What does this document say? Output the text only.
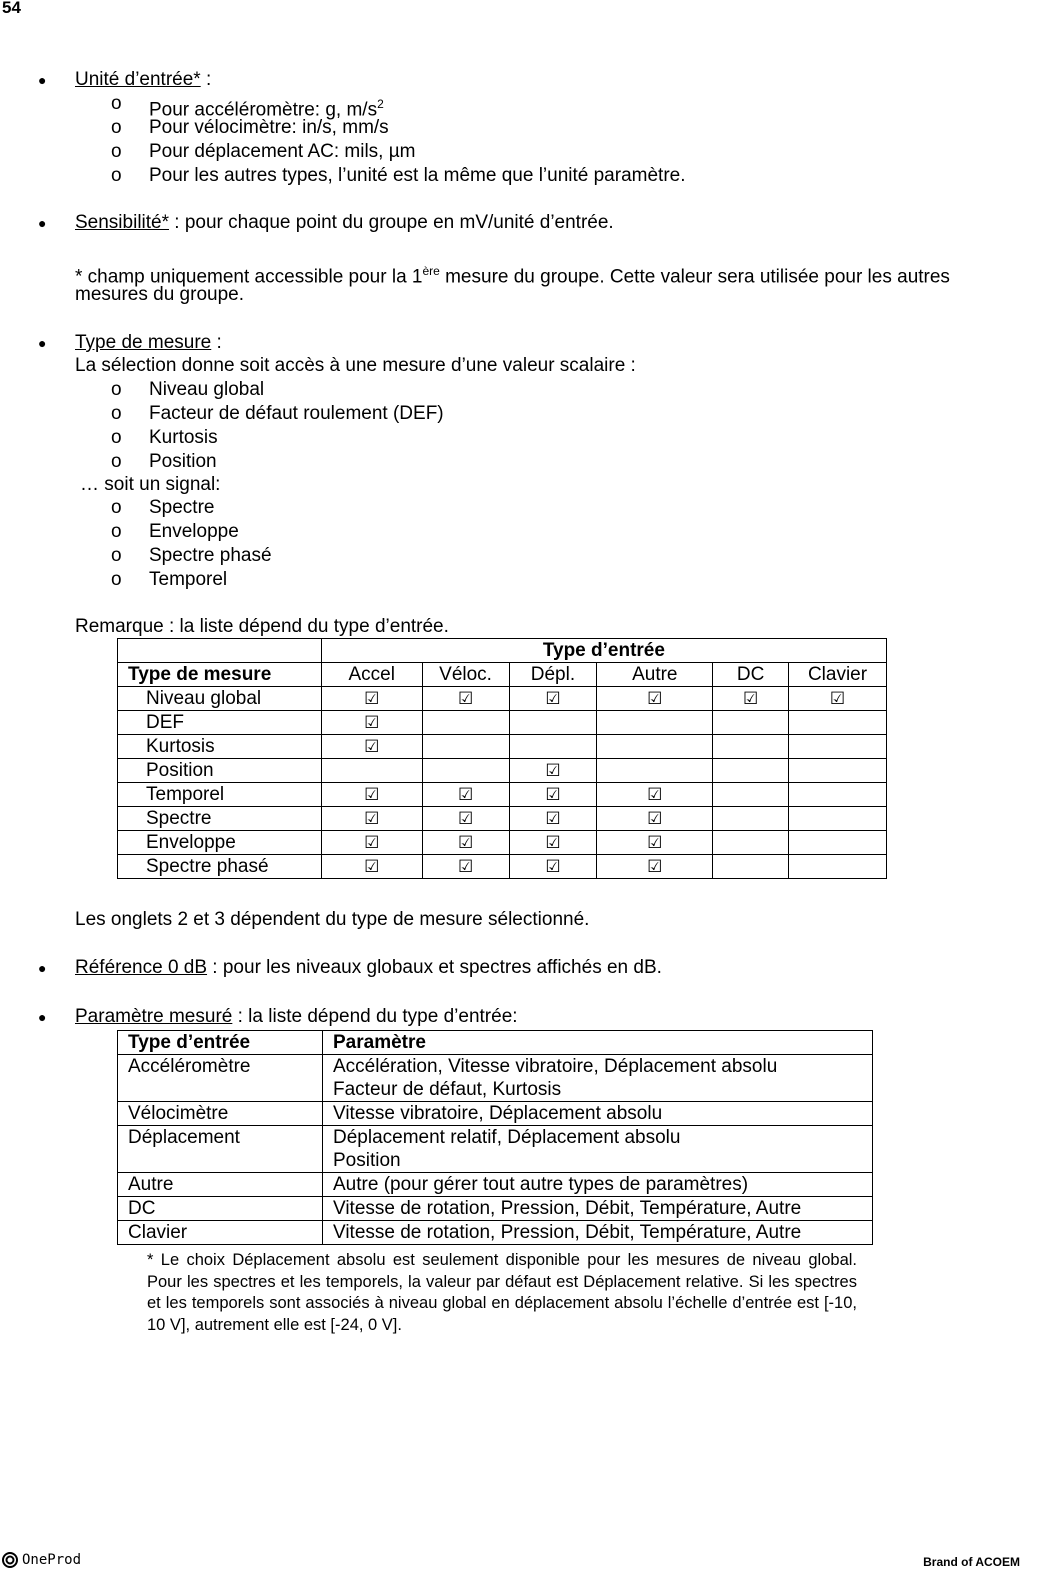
54
● Unité d’entrée* :
o Pour accéléromètre: g, $m/s^2$
o Pour vélocimètre: in/s, mm/s
o Pour déplacement AC: mils, µm
o Pour les autres types, l’unité est la même que l’unité paramètre.
● Sensibilité* : pour chaque point du groupe en mV/unité d’entrée.
* champ uniquement accessible pour la 1ère mesure du groupe. Cette valeur sera utilisée pour les autres
mesures du groupe.
● Type de mesure :
La sélection donne soit accès à une mesure d’une valeur scalaire :
o Niveau global
o Facteur de défaut roulement (DEF)
o Kurtosis
o Position
… soit un signal:
o Spectre
o Enveloppe
o Spectre phasé
o Temporel
Remarque : la liste dépend du type d’entrée.
	Type d’entrée					
Type de mesure	Accel	Véloc.	Dépl.	Autre	DC	Clavier
Niveau global	☑	☑	☑	☑	☑	☑
DEF	☑					
Kurtosis	☑					
Position			☑			
Temporel	☑	☑	☑	☑		
Spectre	☑	☑	☑	☑		
Enveloppe	☑	☑	☑	☑		
Spectre phasé	☑	☑	☑	☑		
Les onglets 2 et 3 dépendent du type de mesure sélectionné.
● Référence 0 dB : pour les niveaux globaux et spectres affichés en dB.
● Paramètre mesuré : la liste dépend du type d’entrée:
Type d’entrée	Paramètre
Accéléromètre	Accélération, Vitesse vibratoire, Déplacement absolu
Facteur de défaut, Kurtosis
Vélocimètre	Vitesse vibratoire, Déplacement absolu
Déplacement	Déplacement relatif, Déplacement absolu
Position
Autre	Autre (pour gérer tout autre types de paramètres)
DC	Vitesse de rotation, Pression, Débit, Température, Autre
Clavier	Vitesse de rotation, Pression, Débit, Température, Autre
* Le choix Déplacement absolu est seulement disponible pour les mesures de niveau global. Pour les spectres et les temporels, la valeur par défaut est Déplacement relative. Si les spectres et les temporels sont associés à niveau global en déplacement absolu l’échelle d’entrée est [-10, 10 V], autrement elle est [-24, 0 V].
OneProd	Brand of ACOEM
